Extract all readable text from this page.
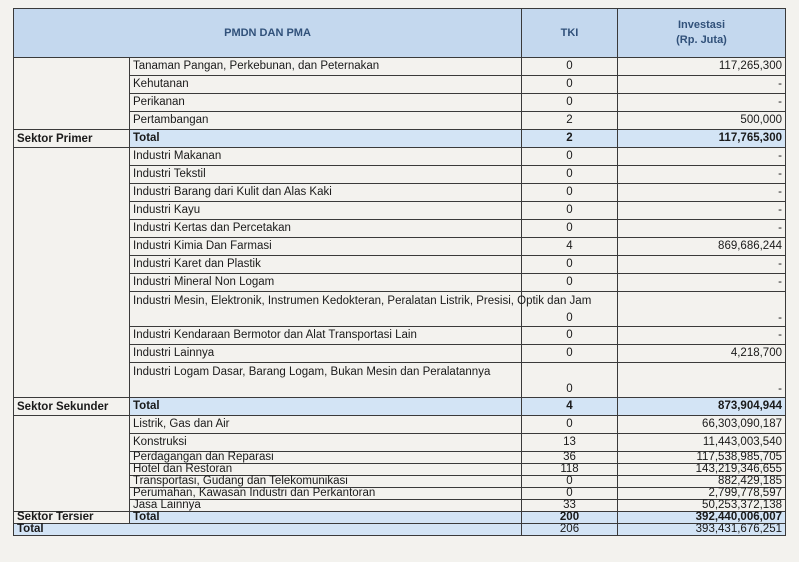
PMDN DAN PMA		TKI	Investasi
(Rp. Juta)

	Tanaman Pangan, Perkebunan, dan Peternakan	0	117,265,300
	Kehutanan	0	-
	Perikanan	0	-
	Pertambangan	2	500,000
Sektor Primer	Total	2	117,765,300
	Industri Makanan	0	-
	Industri Tekstil	0	-
	Industri Barang dari Kulit dan Alas Kaki	0	-
	Industri Kayu	0	-
	Industri Kertas dan Percetakan	0	-
	Industri Kimia Dan Farmasi	4	869,686,244
	Industri Karet dan Plastik	0	-
	Industri Mineral Non Logam	0	-
	Industri Mesin, Elektronik, Instrumen Kedokteran, Peralatan Listrik, Presisi, Optik dan Jam	0	-
	Industri Kendaraan Bermotor dan Alat Transportasi Lain	0	-
	Industri Lainnya	0	4,218,700
	Industri Logam Dasar, Barang Logam, Bukan Mesin dan Peralatannya	0	-
Sektor Sekunder	Total	4	873,904,944
	Listrik, Gas dan Air	0	66,303,090,187
	Konstruksi	13	11,443,003,540
	Perdagangan dan Reparasi	36	117,538,985,705
	Hotel dan Restoran	118	143,219,346,655
	Transportasi, Gudang dan Telekomunikasi	0	882,429,185
	Perumahan, Kawasan Industri dan Perkantoran	0	2,799,778,597
	Jasa Lainnya	33	50,253,372,138
Sektor Tersier	Total	200	392,440,006,007
Total		206	393,431,676,251
